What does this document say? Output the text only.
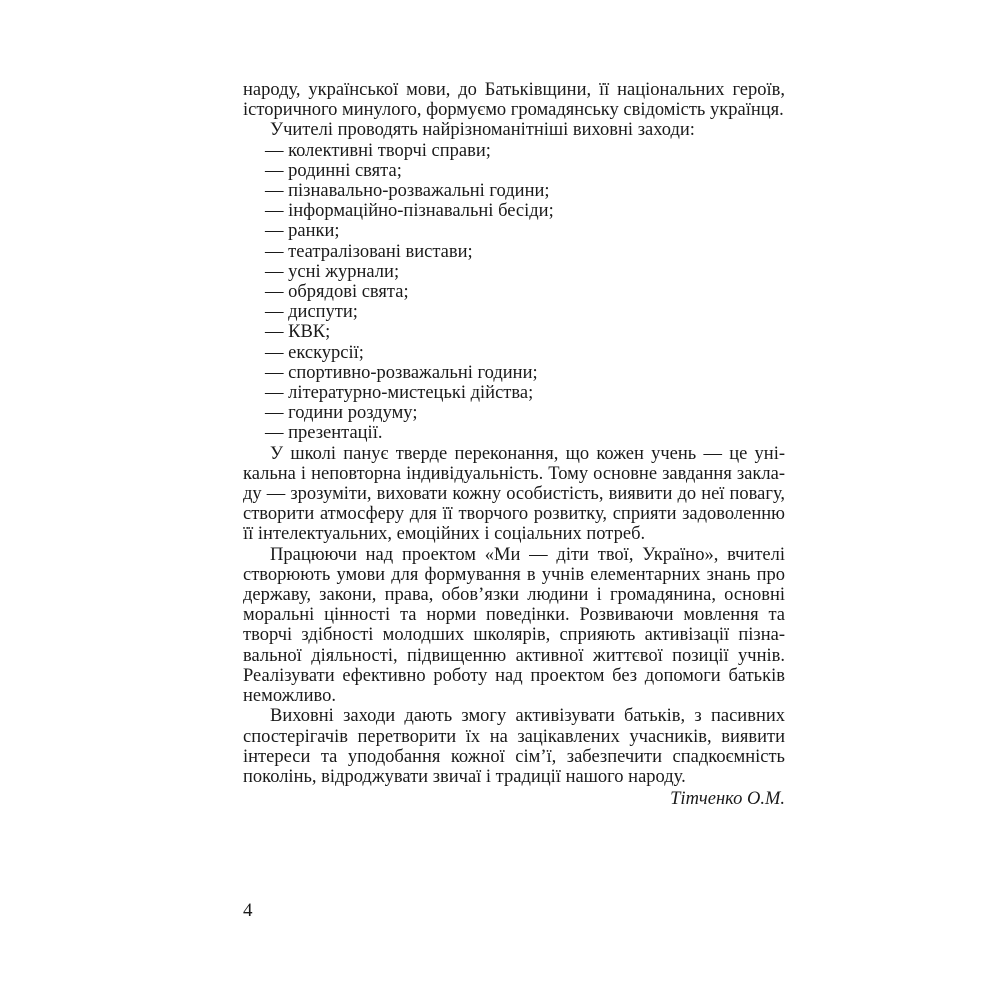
народу, української мови, до Батьківщини, її національних героїв,
історичного минулого, формуємо громадянську свідомість українця.

Учителі проводять найрізноманітніші виховні заходи:

— колективні творчі справи;
— родинні свята;
— пізнавально-розважальні години;
— інформаційно-пізнавальні бесіди;
— ранки;
— театралізовані вистави;
— усні журнали;
— обрядові свята;
— диспути;
— КВК;
— екскурсії;
— спортивно-розважальні години;
— літературно-мистецькі дійства;
— години роздуму;
— презентації.

У школі панує тверде переконання, що кожен учень — це уні-
кальна і неповторна індивідуальність. Тому основне завдання закла-
ду — зрозуміти, виховати кожну особистість, виявити до неї повагу,
створити атмосферу для її творчого розвитку, сприяти задоволенню
її інтелектуальних, емоційних і соціальних потреб.

Працюючи над проектом «Ми — діти твої, Україно», вчителі
створюють умови для формування в учнів елементарних знань про
державу, закони, права, обов’язки людини і громадянина, основні
моральні цінності та норми поведінки. Розвиваючи мовлення та
творчі здібності молодших школярів, сприяють активізації пізна-
вальної діяльності, підвищенню активної життєвої позиції учнів.
Реалізувати ефективно роботу над проектом без допомоги батьків
неможливо.

Виховні заходи дають змогу активізувати батьків, з пасивних
спостерігачів перетворити їх на зацікавлених учасників, виявити
інтереси та уподобання кожної сім’ї, забезпечити спадкоємність
поколінь, відроджувати звичаї і традиції нашого народу.

Тітченко О.М.

4
